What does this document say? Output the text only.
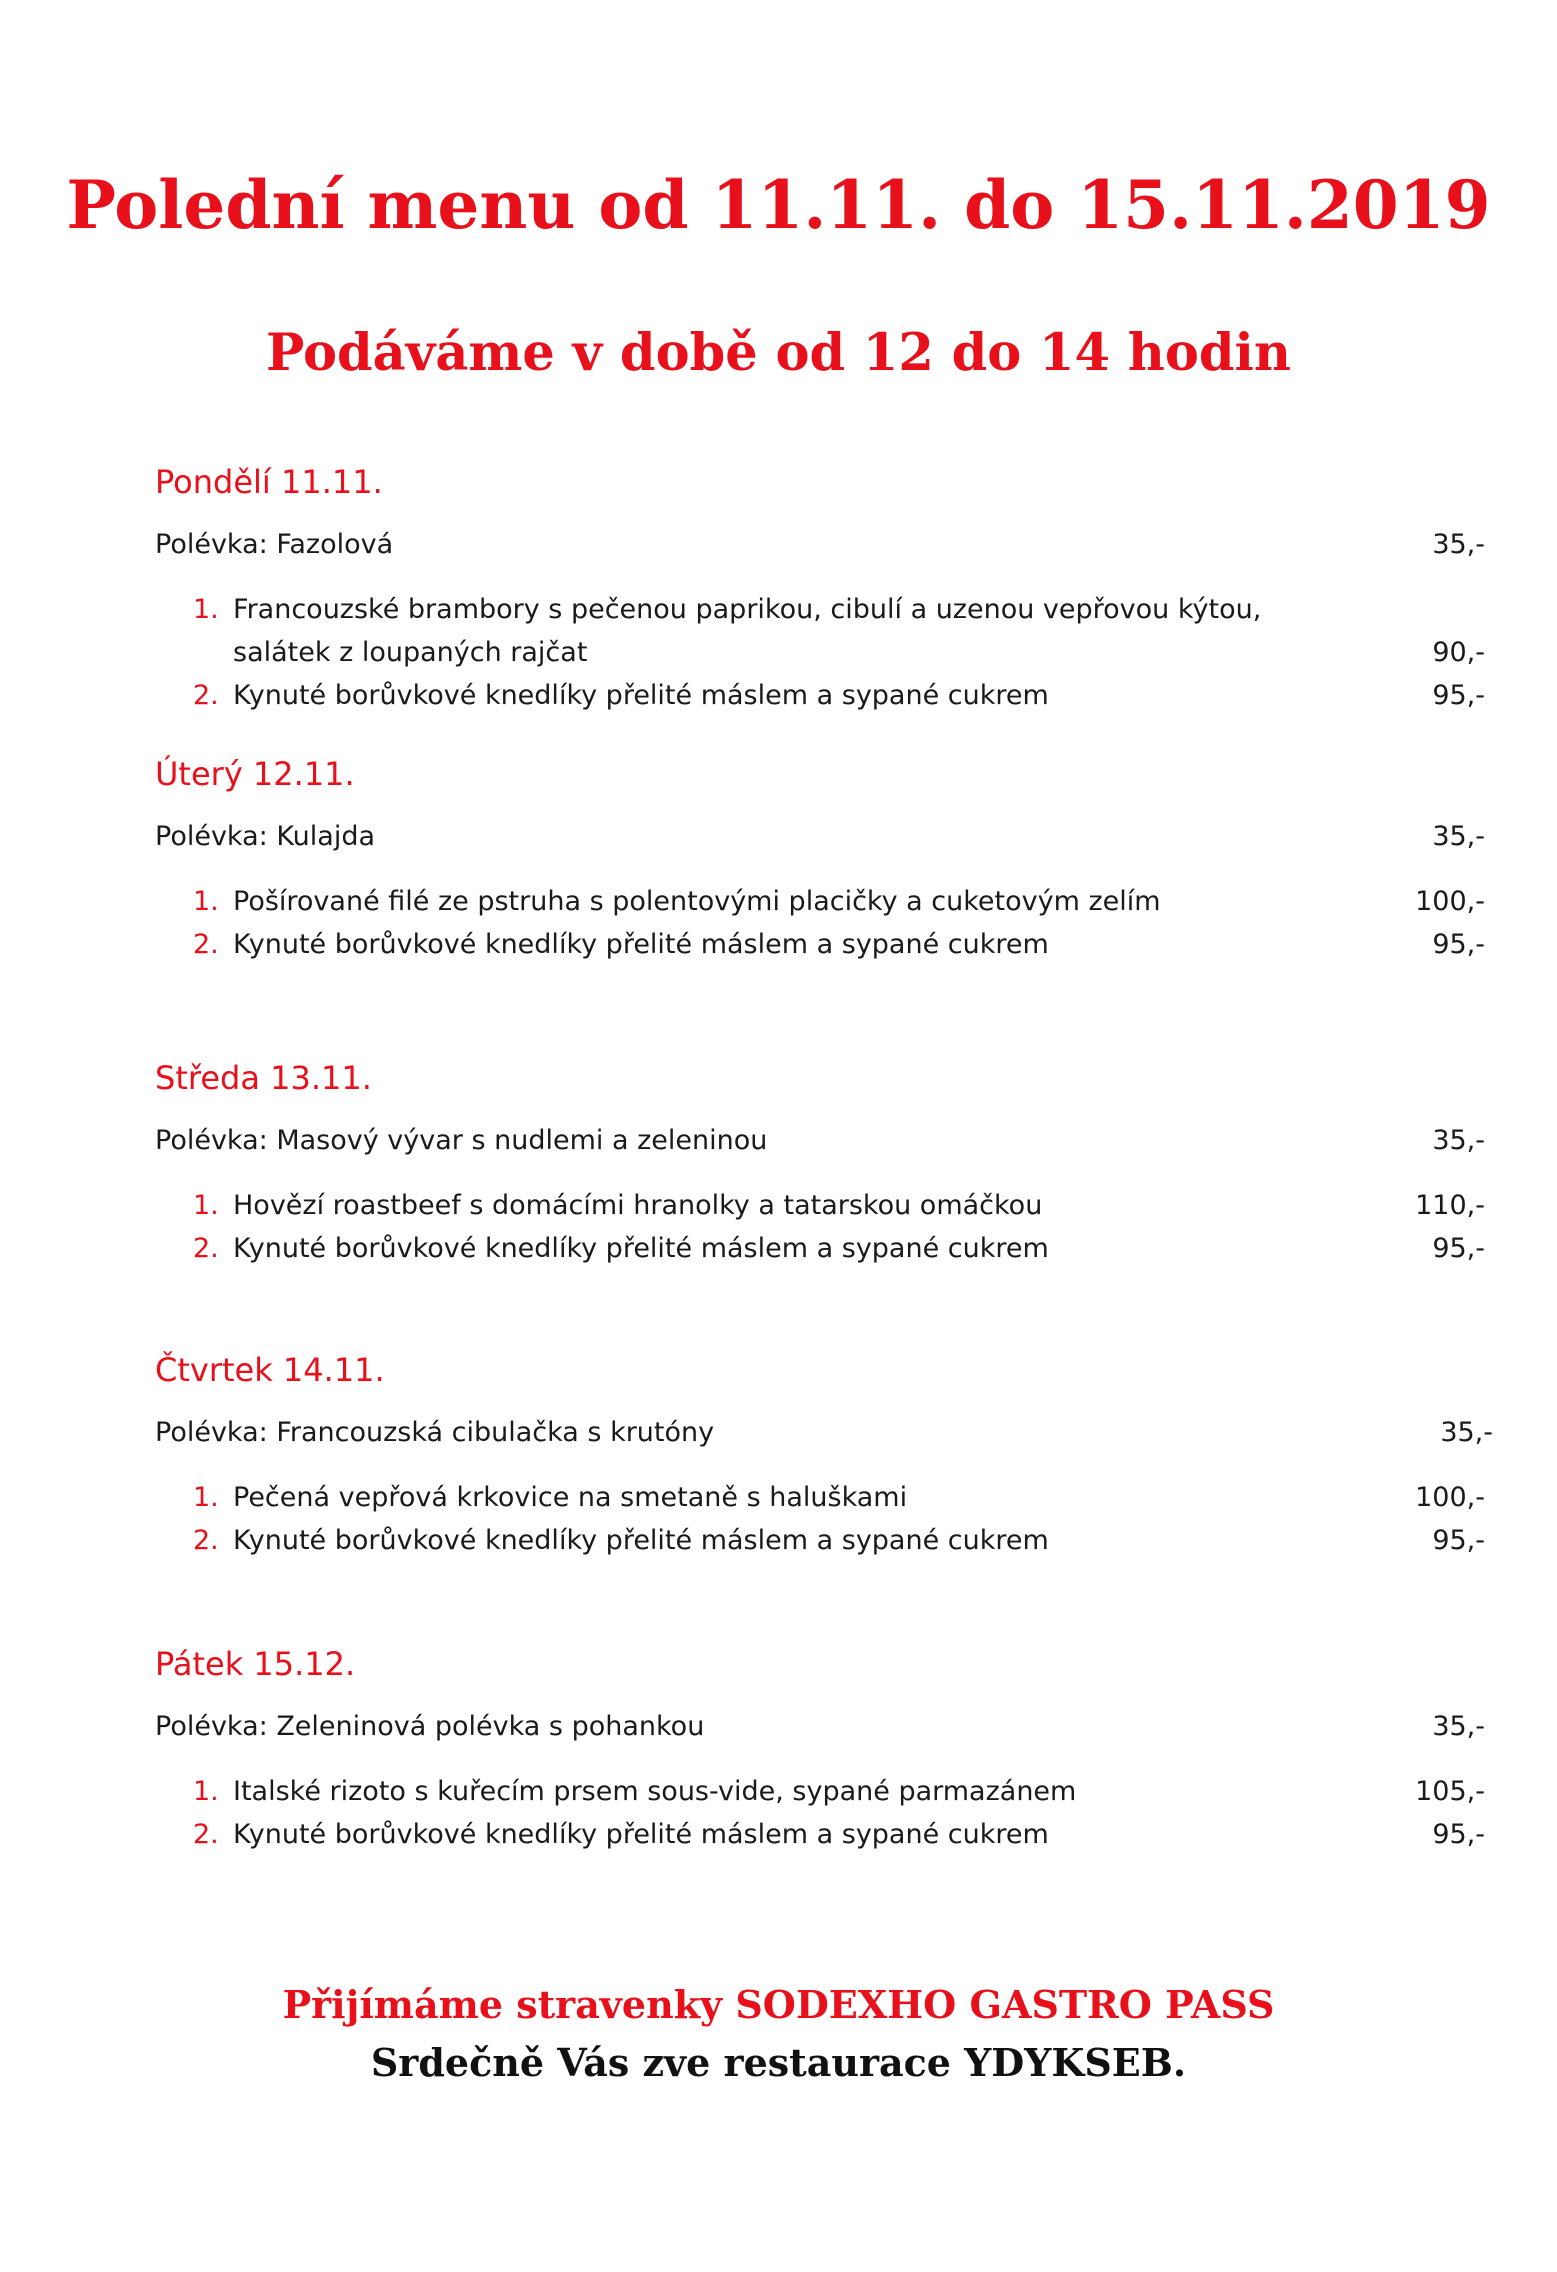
Polední menu od 11.11. do 15.11.2019
Podáváme v době od 12 do 14 hodin
Pondělí 11.11.
Polévka: Fazolová	35,-
1. Francouzské brambory s pečenou paprikou, cibulí a uzenou vepřovou kýtou, salátek z loupaných rajčat	90,-
2. Kynuté borůvkové knedlíky přelité máslem a sypané cukrem	95,-
Úterý 12.11.
Polévka: Kulajda	35,-
1. Pošírované filé ze pstruha s polentovými placičky a cuketovým zelím	100,-
2. Kynuté borůvkové knedlíky přelité máslem a sypané cukrem	95,-
Středa 13.11.
Polévka: Masový vývar s nudlemi a zeleninou	35,-
1. Hovězí roastbeef s domácími hranolky a tatarskou omáčkou	110,-
2. Kynuté borůvkové knedlíky přelité máslem a sypané cukrem	95,-
Čtvrtek 14.11.
Polévka: Francouzská cibulačka s krutóny	35,-
1. Pečená vepřová krkovice na smetaně s haluškami	100,-
2. Kynuté borůvkové knedlíky přelité máslem a sypané cukrem	95,-
Pátek 15.12.
Polévka: Zeleninová polévka s pohankou	35,-
1. Italské rizoto s kuřecím prsem sous-vide, sypané parmazánem	105,-
2. Kynuté borůvkové knedlíky přelité máslem a sypané cukrem	95,-
Přijímáme stravenky SODEXHO GASTRO PASS
Srdečně Vás zve restaurace YDYKSEB.
